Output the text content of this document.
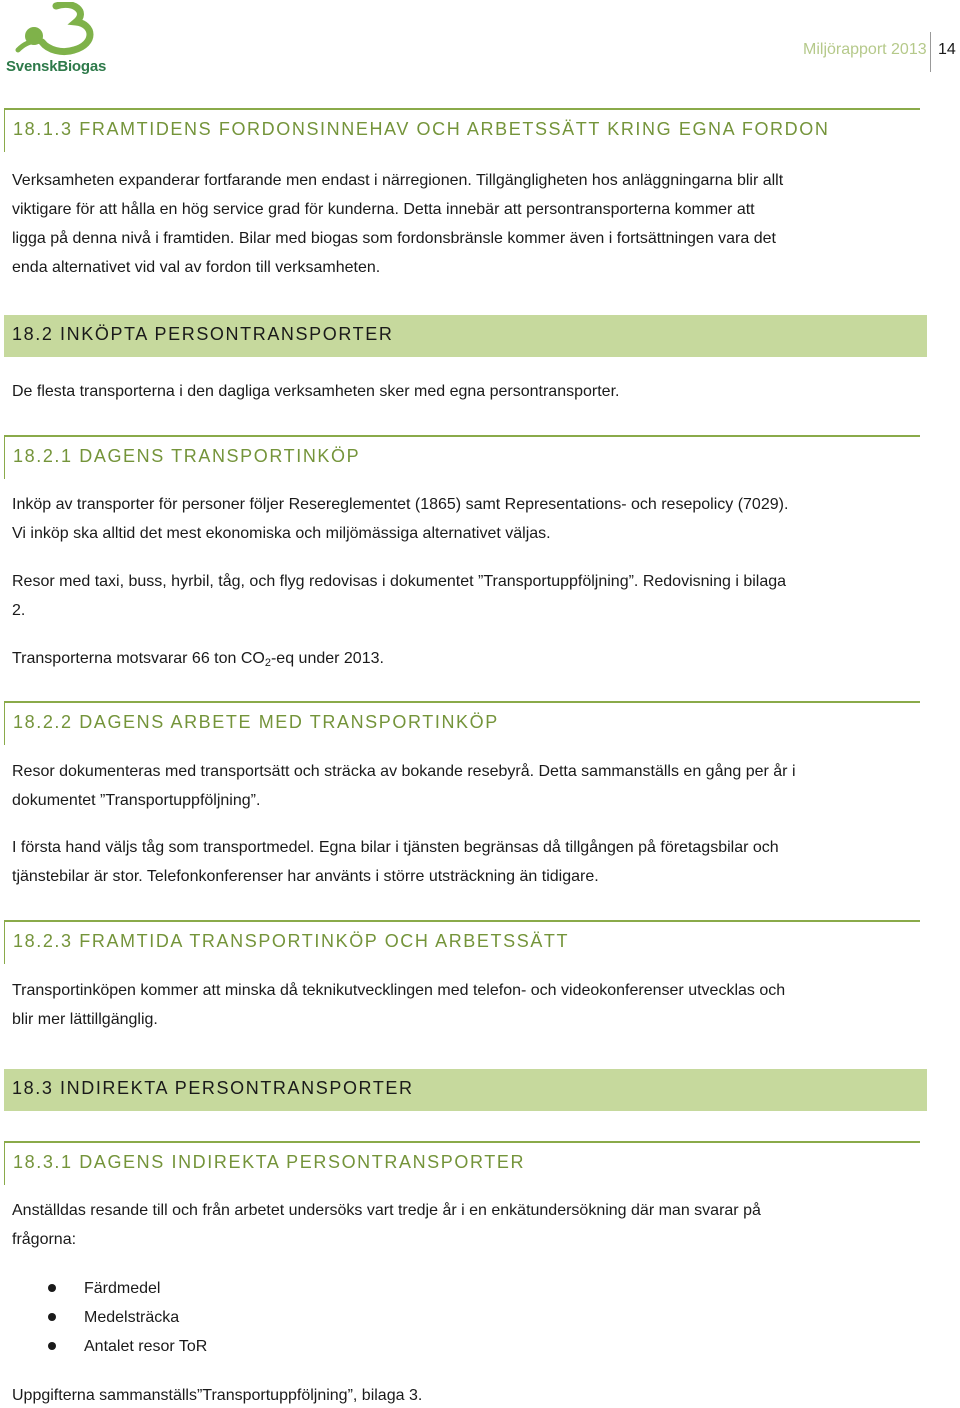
SvenskBiogas
Miljörapport 2013 14
18.1.3 FRAMTIDENS FORDONSINNEHAV OCH ARBETSSÄTT KRING EGNA FORDON
Verksamheten expanderar fortfarande men endast i närregionen. Tillgängligheten hos anläggningarna blir allt
viktigare för att hålla en hög service grad för kunderna. Detta innebär att persontransporterna kommer att
ligga på denna nivå i framtiden. Bilar med biogas som fordonsbränsle kommer även i fortsättningen vara det
enda alternativet vid val av fordon till verksamheten.
18.2 INKÖPTA PERSONTRANSPORTER
De flesta transporterna i den dagliga verksamheten sker med egna persontransporter.
18.2.1 DAGENS TRANSPORTINKÖP
Inköp av transporter för personer följer Resereglementet (1865) samt Representations- och resepolicy (7029).
Vi inköp ska alltid det mest ekonomiska och miljömässiga alternativet väljas.
Resor med taxi, buss, hyrbil, tåg, och flyg redovisas i dokumentet ”Transportuppföljning”. Redovisning i bilaga
2.
Transporterna motsvarar 66 ton $CO_2-eq$ under 2013.
18.2.2 DAGENS ARBETE MED TRANSPORTINKÖP
Resor dokumenteras med transportsätt och sträcka av bokande resebyrå. Detta sammanställs en gång per år i
dokumentet ”Transportuppföljning”.
I första hand väljs tåg som transportmedel. Egna bilar i tjänsten begränsas då tillgången på företagsbilar och
tjänstebilar är stor. Telefonkonferenser har använts i större utsträckning än tidigare.
18.2.3 FRAMTIDA TRANSPORTINKÖP OCH ARBETSSÄTT
Transportinköpen kommer att minska då teknikutvecklingen med telefon- och videokonferenser utvecklas och
blir mer lättillgänglig.
18.3 INDIREKTA PERSONTRANSPORTER
18.3.1 DAGENS INDIREKTA PERSONTRANSPORTER
Anställdas resande till och från arbetet undersöks vart tredje år i en enkätundersökning där man svarar på
frågorna:
Färdmedel
Medelsträcka
Antalet resor ToR
Uppgifterna sammanställs”Transportuppföljning”, bilaga 3.
